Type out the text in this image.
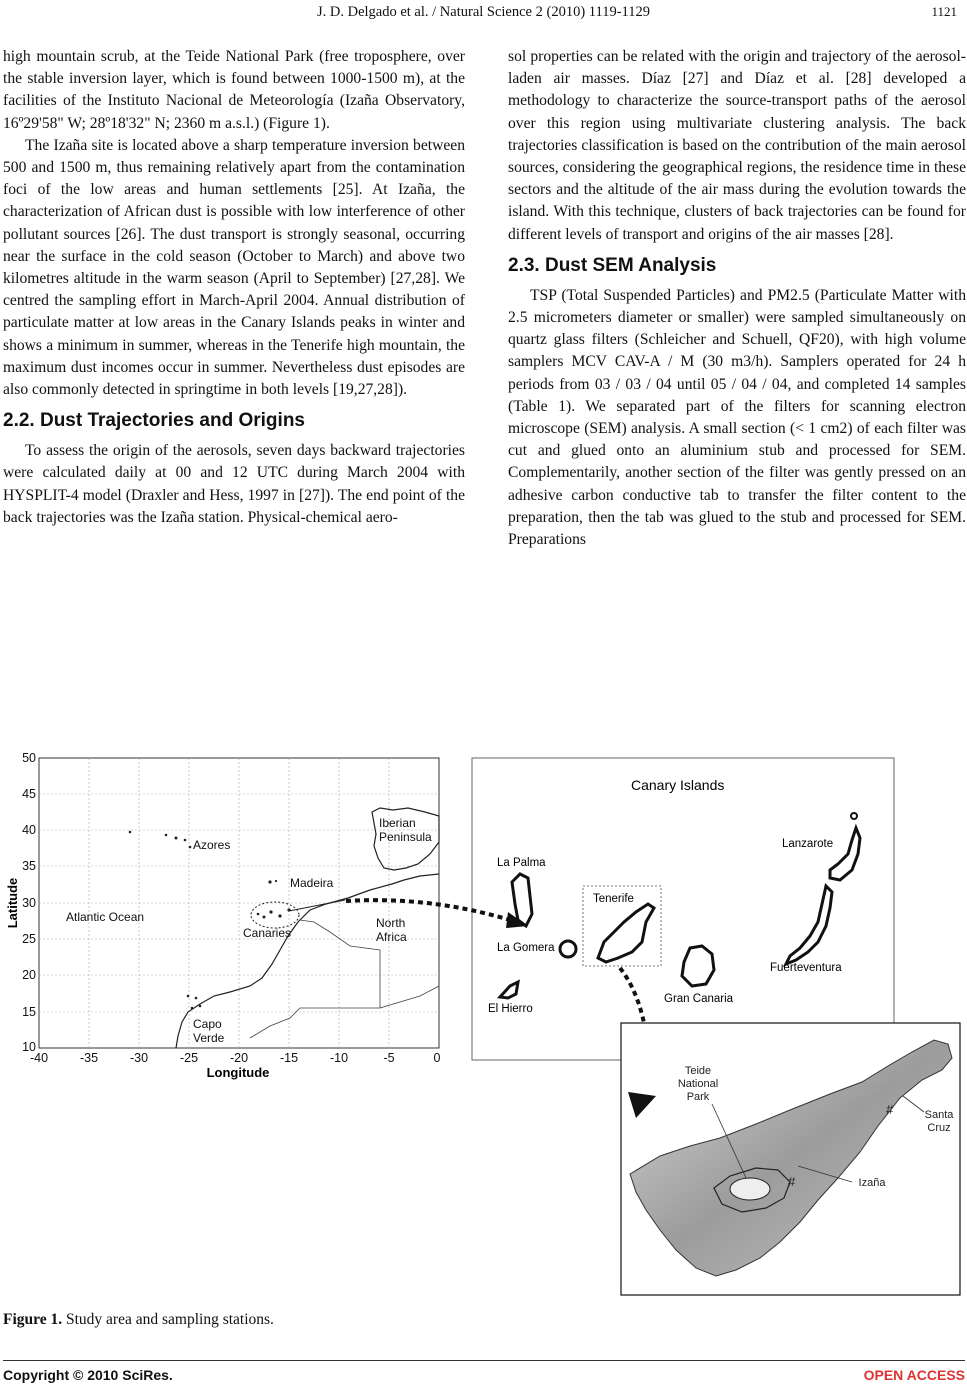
J. D. Delgado et al. / Natural Science 2 (2010) 1119-1129	1121

high mountain scrub, at the Teide National Park (free troposphere, over the stable inversion layer, which is found between 1000-1500 m), at the facilities of the Instituto Nacional de Meteorología (Izaña Observatory, 16º29'58" W; 28º18'32" N; 2360 m a.s.l.) (Figure 1).

The Izaña site is located above a sharp temperature inversion between 500 and 1500 m, thus remaining relatively apart from the contamination foci of the low areas and human settlements [25]. At Izaña, the characterization of African dust is possible with low interference of other pollutant sources [26]. The dust transport is strongly seasonal, occurring near the surface in the cold season (October to March) and above two kilometres altitude in the warm season (April to September) [27,28]. We centred the sampling effort in March-April 2004. Annual distribution of particulate matter at low areas in the Canary Islands peaks in winter and shows a minimum in summer, whereas in the Tenerife high mountain, the maximum dust incomes occur in summer. Nevertheless dust episodes are also commonly detected in springtime in both levels [19,27,28]).

2.2. Dust Trajectories and Origins

To assess the origin of the aerosols, seven days backward trajectories were calculated daily at 00 and 12 UTC during March 2004 with HYSPLIT-4 model (Draxler and Hess, 1997 in [27]). The end point of the back trajectories was the Izaña station. Physical-chemical aero-

sol properties can be related with the origin and trajectory of the aerosol-laden air masses. Díaz [27] and Díaz et al. [28] developed a methodology to characterize the source-transport paths of the aerosol over this region using multivariate clustering analysis. The back trajectories classification is based on the contribution of the main aerosol sources, considering the geographical regions, the residence time in these sectors and the altitude of the air mass during the evolution towards the island. With this technique, clusters of back trajectories can be found for different levels of transport and origins of the air masses [28].

2.3. Dust SEM Analysis

TSP (Total Suspended Particles) and PM2.5 (Particulate Matter with 2.5 micrometers diameter or smaller) were sampled simultaneously on quartz glass filters (Schleicher and Schuell, QF20), with high volume samplers MCV CAV-A / M (30 m3/h). Samplers operated for 24 h periods from 03 / 03 / 04 until 05 / 04 / 04, and completed 14 samples (Table 1). We separated part of the filters for scanning electron microscope (SEM) analysis. A small section (< 1 cm2) of each filter was cut and glued onto an aluminium stub and processed for SEM. Complementarily, another section of the filter was gently pressed on an adhesive carbon conductive tab to transfer the filter content to the preparation, then the tab was glued to the stub and processed for SEM. Preparations

50
45
40
35
30
25
20
15
10
-40	-35	-30	-25	-20	-15	-10	-5	0
Longitude
Latitude
Azores
Iberian
Peninsula
Madeira
Atlantic Ocean
Canaries
North
Africa
Capo
Verde
Canary Islands
La Palma
La Gomera
El Hierro
Tenerife
Gran Canaria
Lanzarote
Fuerteventura
#
#
Teide
National
Park
Santa
Cruz
Izaña
Figure 1. Study area and sampling stations.
Copyright © 2010 SciRes.	OPEN ACCESS
